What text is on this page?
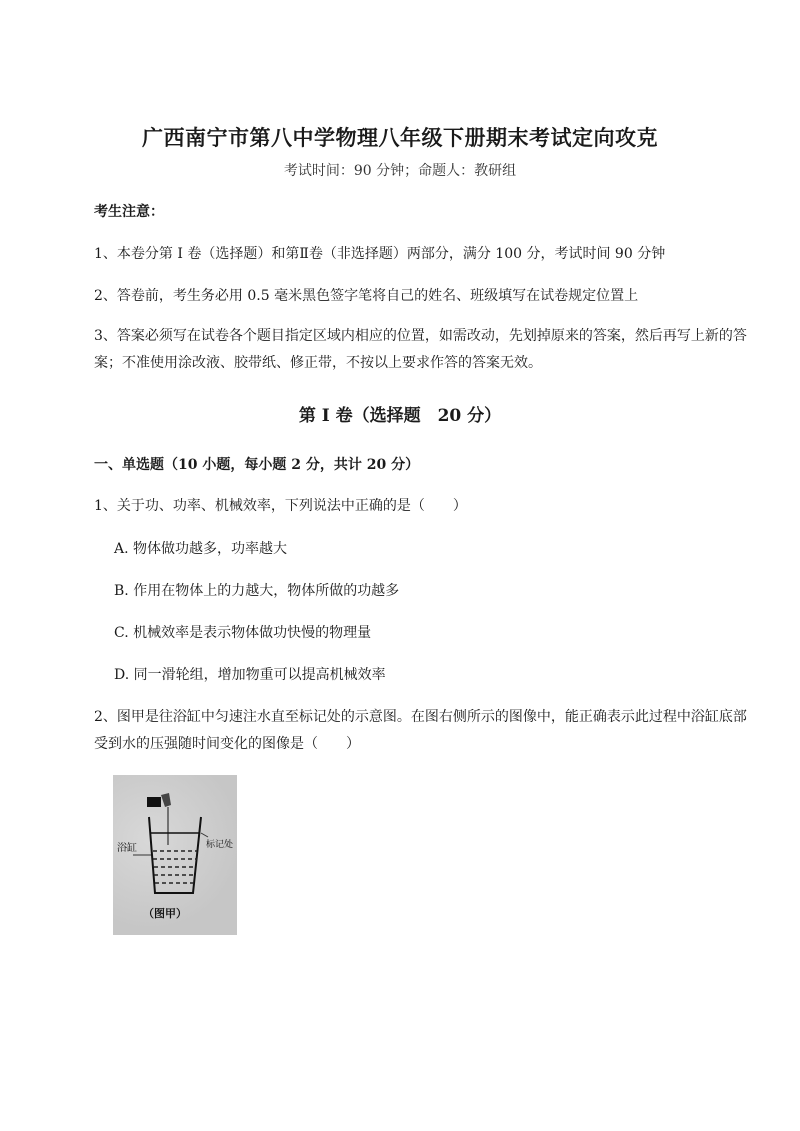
广西南宁市第八中学物理八年级下册期末考试定向攻克
考试时间：90 分钟；命题人：教研组
考生注意：
1、本卷分第 I 卷（选择题）和第Ⅱ卷（非选择题）两部分，满分 100 分，考试时间 90 分钟
2、答卷前，考生务必用 0.5 毫米黑色签字笔将自己的姓名、班级填写在试卷规定位置上
3、答案必须写在试卷各个题目指定区域内相应的位置，如需改动，先划掉原来的答案，然后再写上新的答案；不准使用涂改液、胶带纸、修正带，不按以上要求作答的答案无效。
第 I 卷（选择题　20 分）
一、单选题（10 小题，每小题 2 分，共计 20 分）
1、关于功、功率、机械效率，下列说法中正确的是（　　）
A. 物体做功越多，功率越大
B. 作用在物体上的力越大，物体所做的功越多
C. 机械效率是表示物体做功快慢的物理量
D. 同一滑轮组，增加物重可以提高机械效率
2、图甲是往浴缸中匀速注水直至标记处的示意图。在图右侧所示的图像中，能正确表示此过程中浴缸底部受到水的压强随时间变化的图像是（　　）
浴缸	标记处
（图甲）
